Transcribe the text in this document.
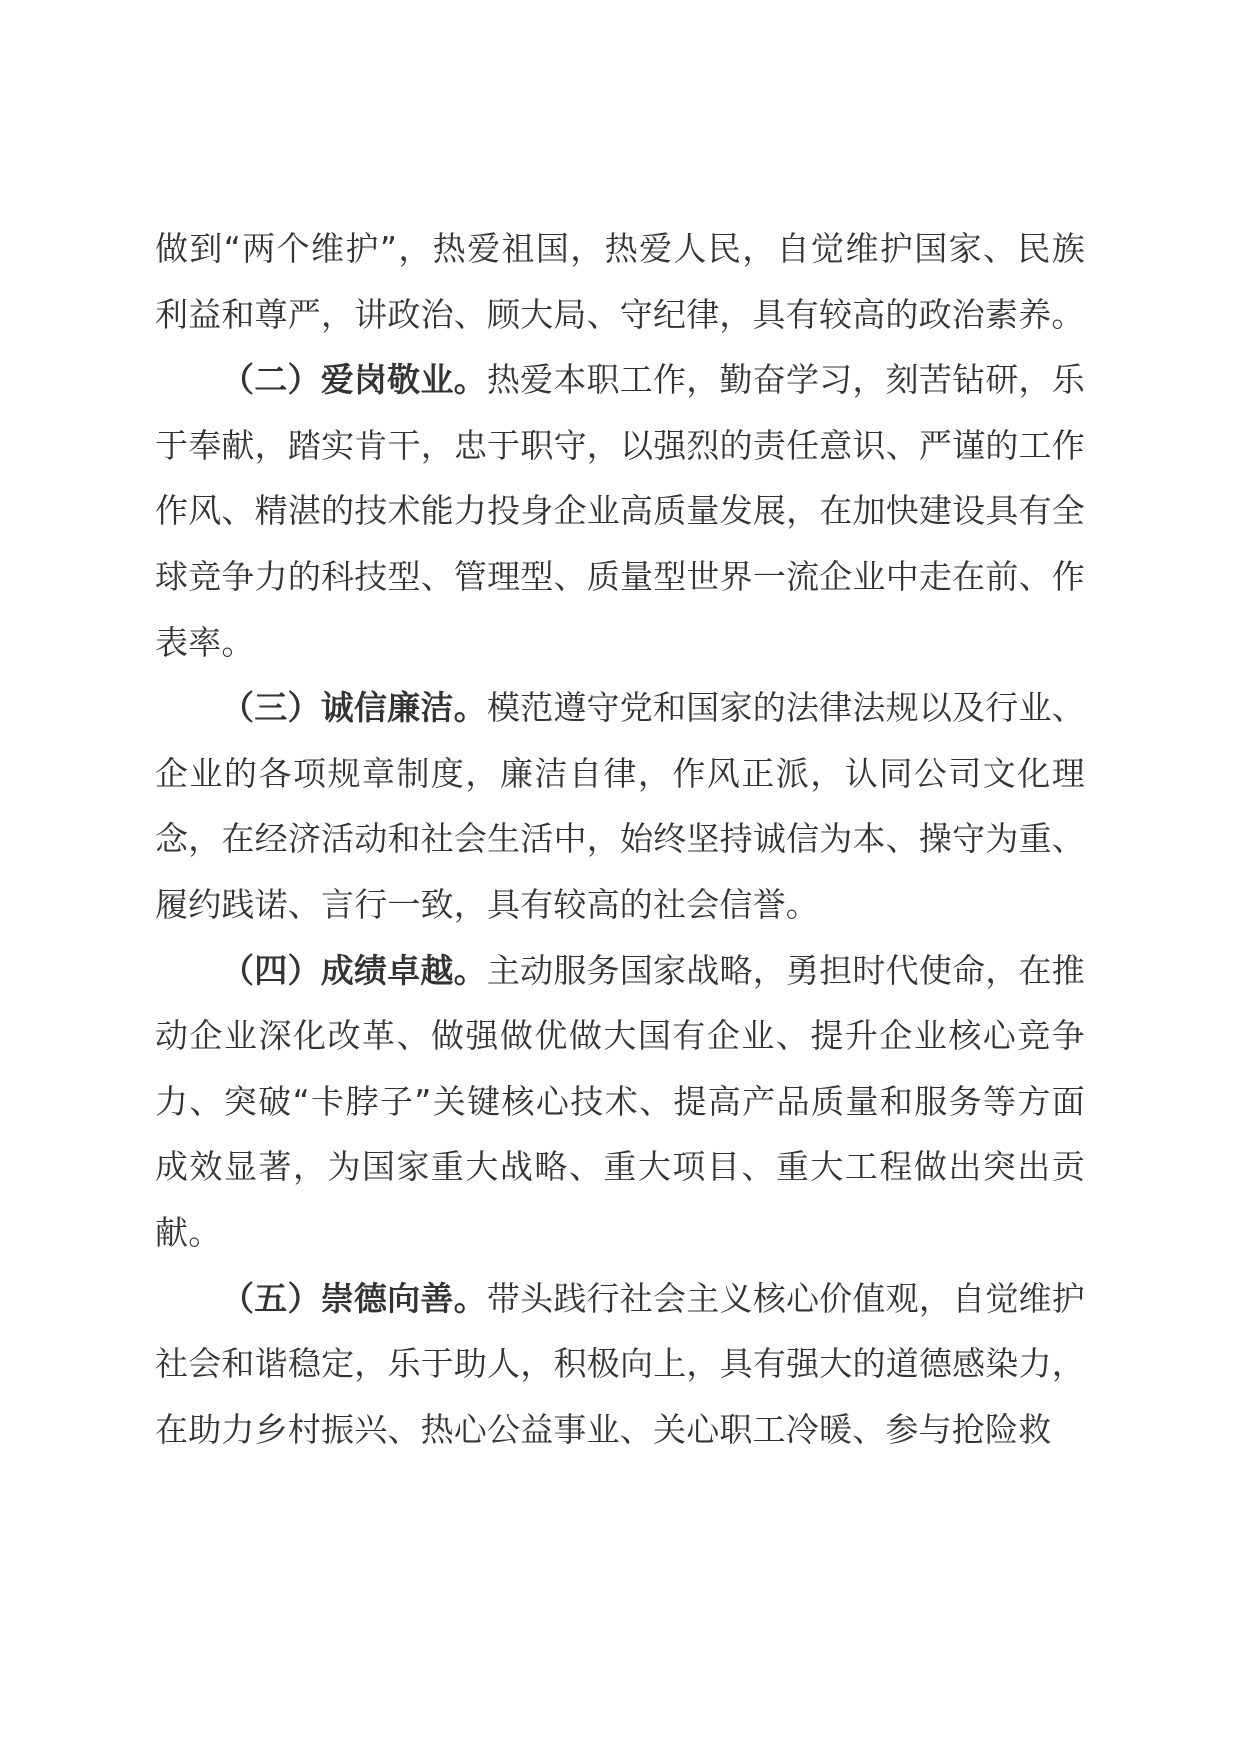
做到“两个维护”，热爱祖国，热爱人民，自觉维护国家、民族利益和尊严，讲政治、顾大局、守纪律，具有较高的政治素养。

（二）爱岗敬业。热爱本职工作，勤奋学习，刻苦钻研，乐于奉献，踏实肯干，忠于职守，以强烈的责任意识、严谨的工作作风、精湛的技术能力投身企业高质量发展，在加快建设具有全球竞争力的科技型、管理型、质量型世界一流企业中走在前、作表率。

（三）诚信廉洁。模范遵守党和国家的法律法规以及行业、企业的各项规章制度，廉洁自律，作风正派，认同公司文化理念，在经济活动和社会生活中，始终坚持诚信为本、操守为重、履约践诺、言行一致，具有较高的社会信誉。

（四）成绩卓越。主动服务国家战略，勇担时代使命，在推动企业深化改革、做强做优做大国有企业、提升企业核心竞争力、突破“卡脖子”关键核心技术、提高产品质量和服务等方面成效显著，为国家重大战略、重大项目、重大工程做出突出贡献。

（五）崇德向善。带头践行社会主义核心价值观，自觉维护社会和谐稳定，乐于助人，积极向上，具有强大的道德感染力，在助力乡村振兴、热心公益事业、关心职工冷暖、参与抢险救
